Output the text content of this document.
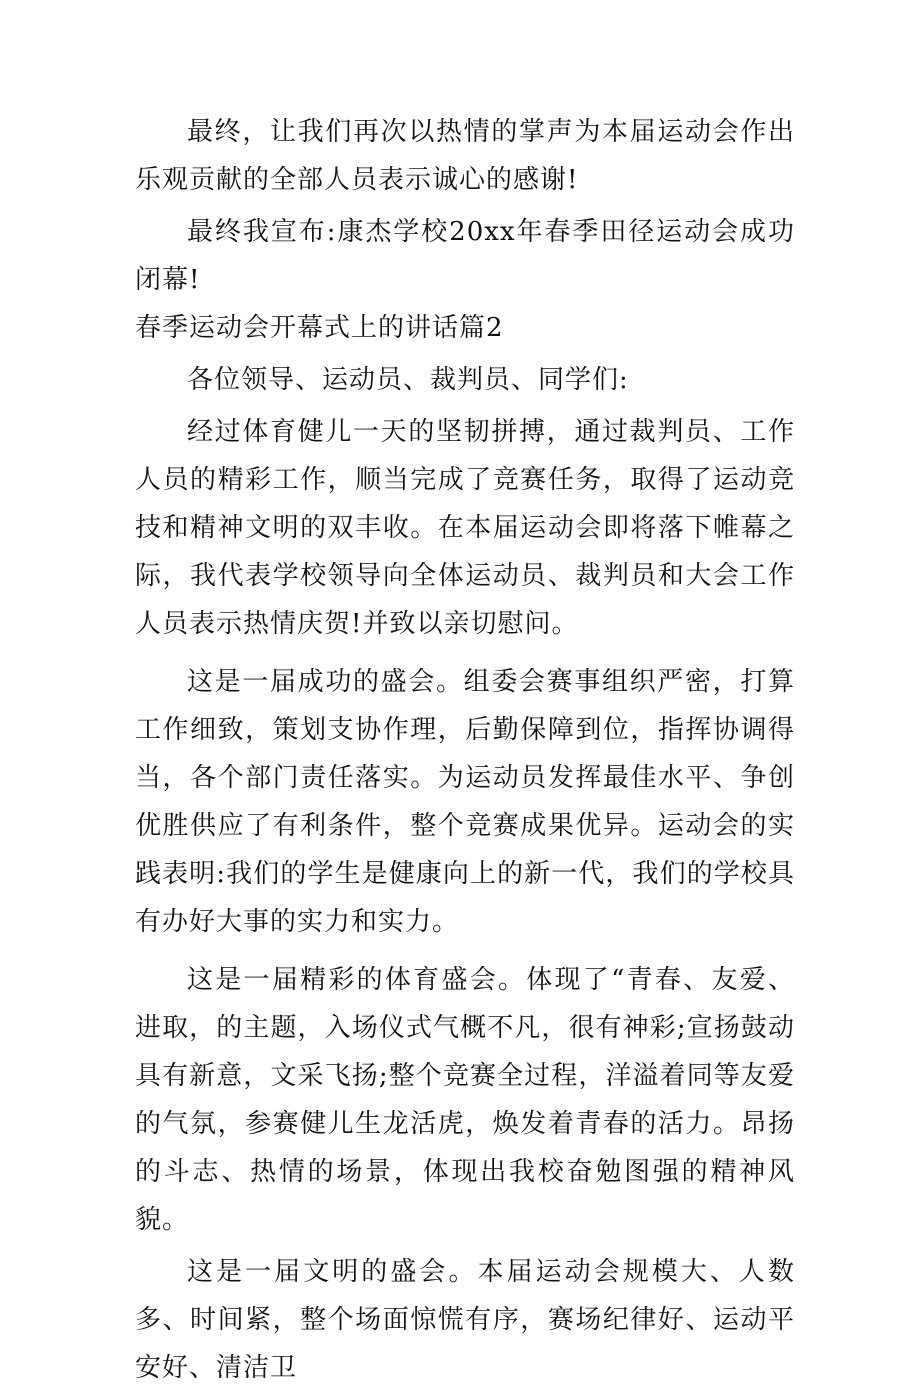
最终，让我们再次以热情的掌声为本届运动会作出乐观贡献的全部人员表示诚心的感谢!

最终我宣布:康杰学校20xx年春季田径运动会成功闭幕!

春季运动会开幕式上的讲话篇2

各位领导、运动员、裁判员、同学们:

经过体育健儿一天的坚韧拼搏，通过裁判员、工作人员的精彩工作，顺当完成了竞赛任务，取得了运动竞技和精神文明的双丰收。在本届运动会即将落下帷幕之际，我代表学校领导向全体运动员、裁判员和大会工作人员表示热情庆贺!并致以亲切慰问。

这是一届成功的盛会。组委会赛事组织严密，打算工作细致，策划支协作理，后勤保障到位，指挥协调得当，各个部门责任落实。为运动员发挥最佳水平、争创优胜供应了有利条件，整个竞赛成果优异。运动会的实践表明:我们的学生是健康向上的新一代，我们的学校具有办好大事的实力和实力。

这是一届精彩的体育盛会。体现了“青春、友爱、进取，的主题，入场仪式气概不凡，很有神彩;宣扬鼓动具有新意，文采飞扬;整个竞赛全过程，洋溢着同等友爱的气氛，参赛健儿生龙活虎，焕发着青春的活力。昂扬的斗志、热情的场景，体现出我校奋勉图强的精神风貌。

这是一届文明的盛会。本届运动会规模大、人数多、时间紧，整个场面惊慌有序，赛场纪律好、运动平安好、清洁卫
